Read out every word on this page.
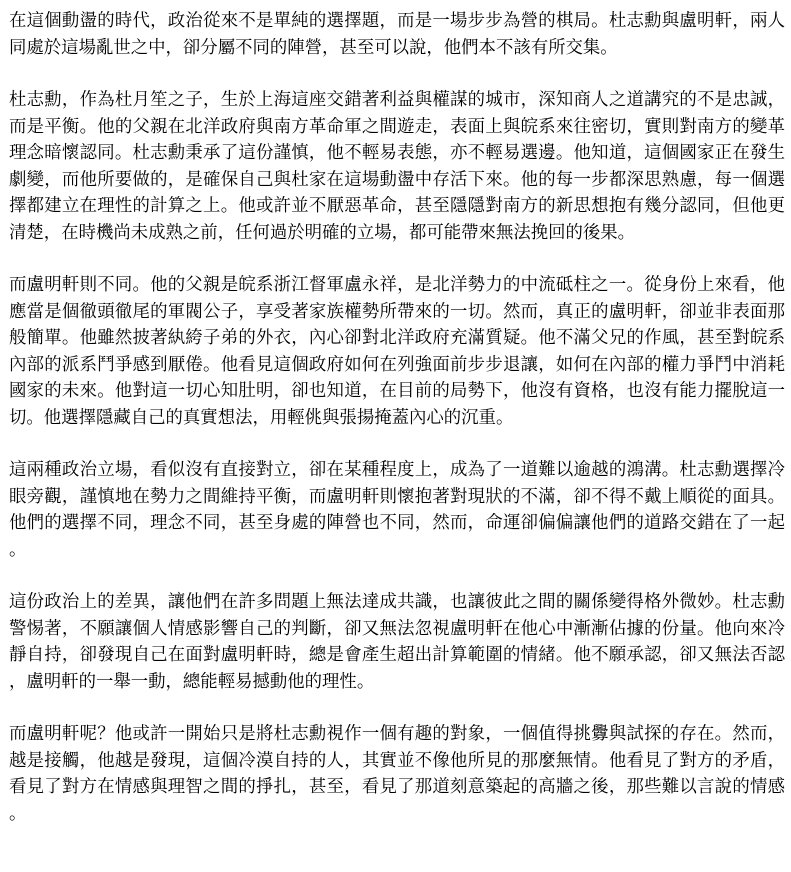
在這個動盪的時代，政治從來不是單純的選擇題，而是一場步步為營的棋局。杜志勳與盧明軒，兩人同處於這場亂世之中，卻分屬不同的陣營，甚至可以說，他們本不該有所交集。

杜志勳，作為杜月笙之子，生於上海這座交錯著利益與權謀的城市，深知商人之道講究的不是忠誠，而是平衡。他的父親在北洋政府與南方革命軍之間遊走，表面上與皖系來往密切，實則對南方的變革理念暗懷認同。杜志勳秉承了這份謹慎，他不輕易表態，亦不輕易選邊。他知道，這個國家正在發生劇變，而他所要做的，是確保自己與杜家在這場動盪中存活下來。他的每一步都深思熟慮，每一個選擇都建立在理性的計算之上。他或許並不厭惡革命，甚至隱隱對南方的新思想抱有幾分認同，但他更清楚，在時機尚未成熟之前，任何過於明確的立場，都可能帶來無法挽回的後果。

而盧明軒則不同。他的父親是皖系浙江督軍盧永祥，是北洋勢力的中流砥柱之一。從身份上來看，他應當是個徹頭徹尾的軍閥公子，享受著家族權勢所帶來的一切。然而，真正的盧明軒，卻並非表面那般簡單。他雖然披著紈絝子弟的外衣，內心卻對北洋政府充滿質疑。他不滿父兄的作風，甚至對皖系內部的派系鬥爭感到厭倦。他看見這個政府如何在列強面前步步退讓，如何在內部的權力爭鬥中消耗國家的未來。他對這一切心知肚明，卻也知道，在目前的局勢下，他沒有資格，也沒有能力擺脫這一切。他選擇隱藏自己的真實想法，用輕佻與張揚掩蓋內心的沉重。

這兩種政治立場，看似沒有直接對立，卻在某種程度上，成為了一道難以逾越的鴻溝。杜志勳選擇冷眼旁觀，謹慎地在勢力之間維持平衡，而盧明軒則懷抱著對現狀的不滿，卻不得不戴上順從的面具。他們的選擇不同，理念不同，甚至身處的陣營也不同，然而，命運卻偏偏讓他們的道路交錯在了一起。

這份政治上的差異，讓他們在許多問題上無法達成共識，也讓彼此之間的關係變得格外微妙。杜志勳警惕著，不願讓個人情感影響自己的判斷，卻又無法忽視盧明軒在他心中漸漸佔據的份量。他向來冷靜自持，卻發現自己在面對盧明軒時，總是會產生超出計算範圍的情緒。他不願承認，卻又無法否認，盧明軒的一舉一動，總能輕易撼動他的理性。

而盧明軒呢？他或許一開始只是將杜志勳視作一個有趣的對象，一個值得挑釁與試探的存在。然而，越是接觸，他越是發現，這個冷漠自持的人，其實並不像他所見的那麼無情。他看見了對方的矛盾，看見了對方在情感與理智之間的掙扎，甚至，看見了那道刻意築起的高牆之後，那些難以言說的情感。
